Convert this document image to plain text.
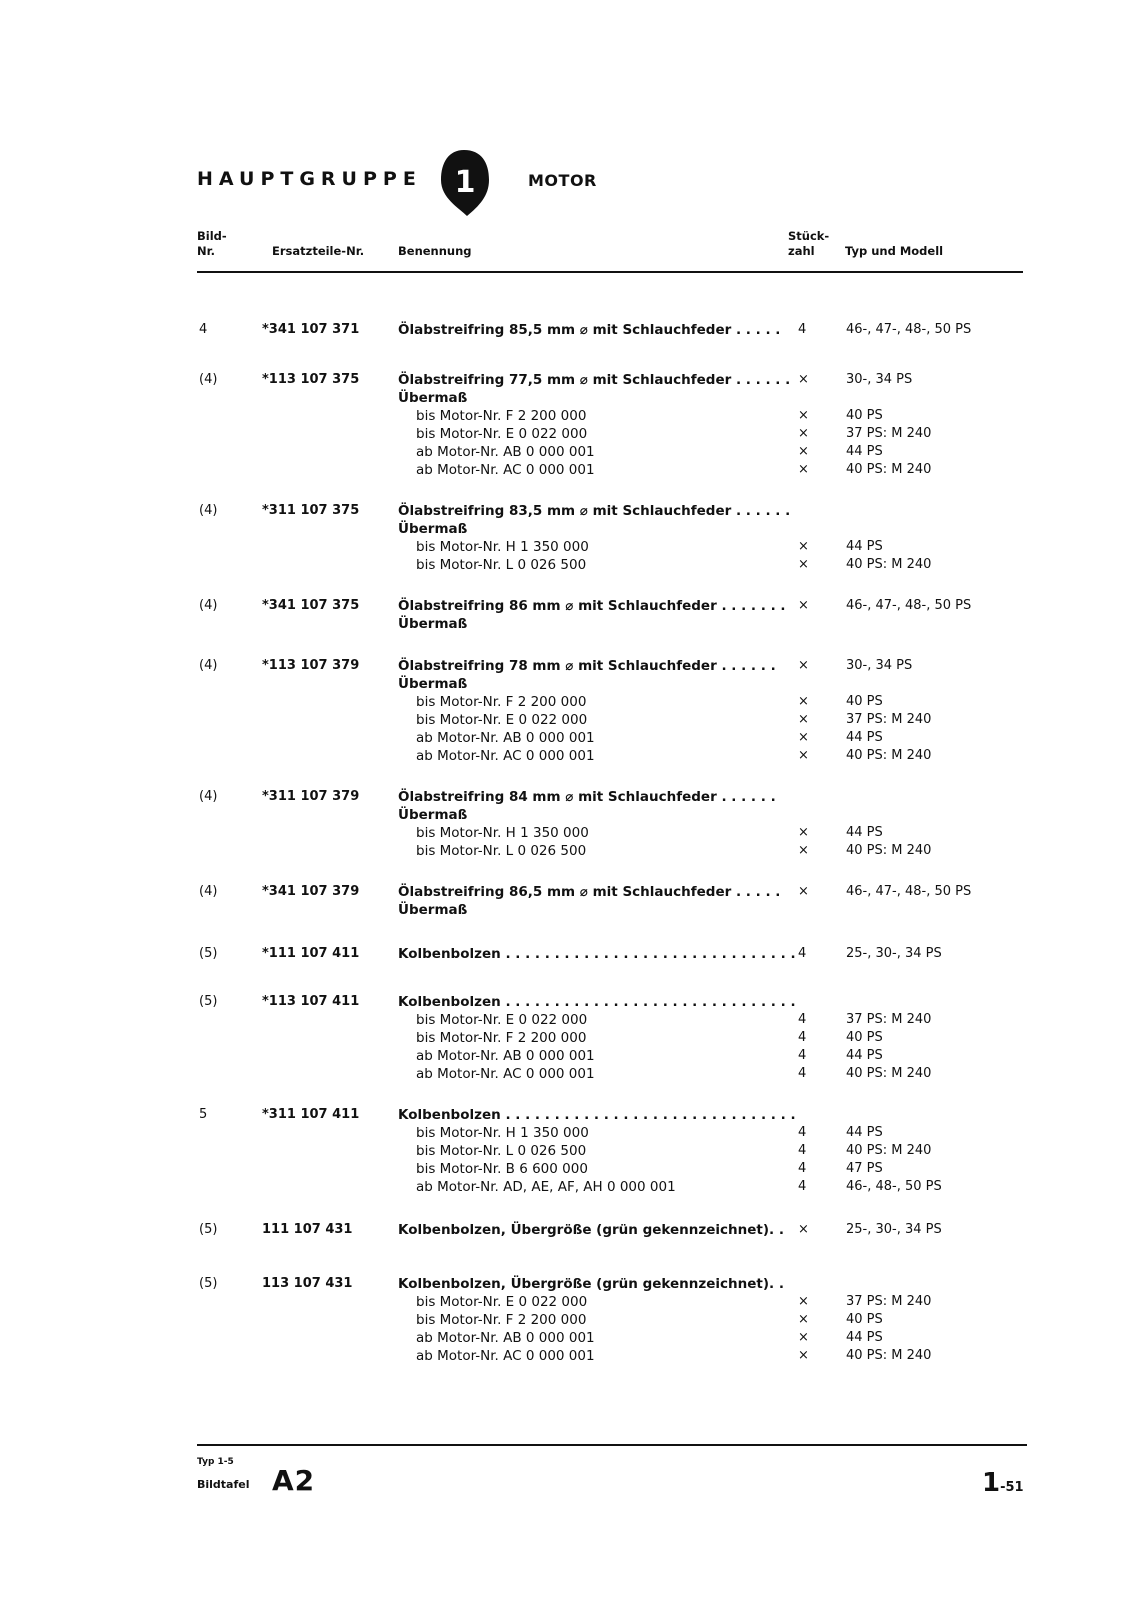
HAUPTGRUPPE 1	MOTOR
Bild-
Nr.	Ersatzteile-Nr.	Benennung
Stück-
zahl	Typ und Modell
4	*341 107 371	Ölabstreifring 85,5 mm ⌀ mit Schlauchfeder . . . . . 4	46-, 47-, 48-, 50 PS
(4)	*113 107 375	Ölabstreifring 77,5 mm ⌀ mit Schlauchfeder . . . . . . ×	30-, 34 PS
Übermaß
bis Motor-Nr. F 2 200 000	×	40 PS
bis Motor-Nr. E 0 022 000	×	37 PS: M 240
ab Motor-Nr. AB 0 000 001	×	44 PS
ab Motor-Nr. AC 0 000 001	×	40 PS: M 240
(4)	*311 107 375	Ölabstreifring 83,5 mm ⌀ mit Schlauchfeder . . . . . .
Übermaß
bis Motor-Nr. H 1 350 000	×	44 PS
bis Motor-Nr. L 0 026 500	×	40 PS: M 240
(4)	*341 107 375	Ölabstreifring 86 mm ⌀ mit Schlauchfeder . . . . . . . ×	46-, 47-, 48-, 50 PS
Übermaß
(4)	*113 107 379	Ölabstreifring 78 mm ⌀ mit Schlauchfeder . . . . . . ×	30-, 34 PS
Übermaß
bis Motor-Nr. F 2 200 000	×	40 PS
bis Motor-Nr. E 0 022 000	×	37 PS: M 240
ab Motor-Nr. AB 0 000 001	×	44 PS
ab Motor-Nr. AC 0 000 001	×	40 PS: M 240
(4)	*311 107 379	Ölabstreifring 84 mm ⌀ mit Schlauchfeder . . . . . .
Übermaß
bis Motor-Nr. H 1 350 000	×	44 PS
bis Motor-Nr. L 0 026 500	×	40 PS: M 240
(4)	*341 107 379	Ölabstreifring 86,5 mm ⌀ mit Schlauchfeder . . . . . ×	46-, 47-, 48-, 50 PS
Übermaß
(5)	*111 107 411	Kolbenbolzen . . . . . . . . . . . . . . . . . . . . . . . . . . . . . . 4	25-, 30-, 34 PS
(5)	*113 107 411	Kolbenbolzen . . . . . . . . . . . . . . . . . . . . . . . . . . . . . .
bis Motor-Nr. E 0 022 000	4	37 PS: M 240
bis Motor-Nr. F 2 200 000	4	40 PS
ab Motor-Nr. AB 0 000 001	4	44 PS
ab Motor-Nr. AC 0 000 001	4	40 PS: M 240
5	*311 107 411	Kolbenbolzen . . . . . . . . . . . . . . . . . . . . . . . . . . . . . .
bis Motor-Nr. H 1 350 000	4	44 PS
bis Motor-Nr. L 0 026 500	4	40 PS: M 240
bis Motor-Nr. B 6 600 000	4	47 PS
ab Motor-Nr. AD, AE, AF, AH 0 000 001	4	46-, 48-, 50 PS
(5)	111 107 431	Kolbenbolzen, Übergröße (grün gekennzeichnet). . ×	25-, 30-, 34 PS
(5)	113 107 431	Kolbenbolzen, Übergröße (grün gekennzeichnet). .
bis Motor-Nr. E 0 022 000	×	37 PS: M 240
bis Motor-Nr. F 2 200 000	×	40 PS
ab Motor-Nr. AB 0 000 001	×	44 PS
ab Motor-Nr. AC 0 000 001	×	40 PS: M 240
Typ 1-5
Bildtafel A2	1-51
